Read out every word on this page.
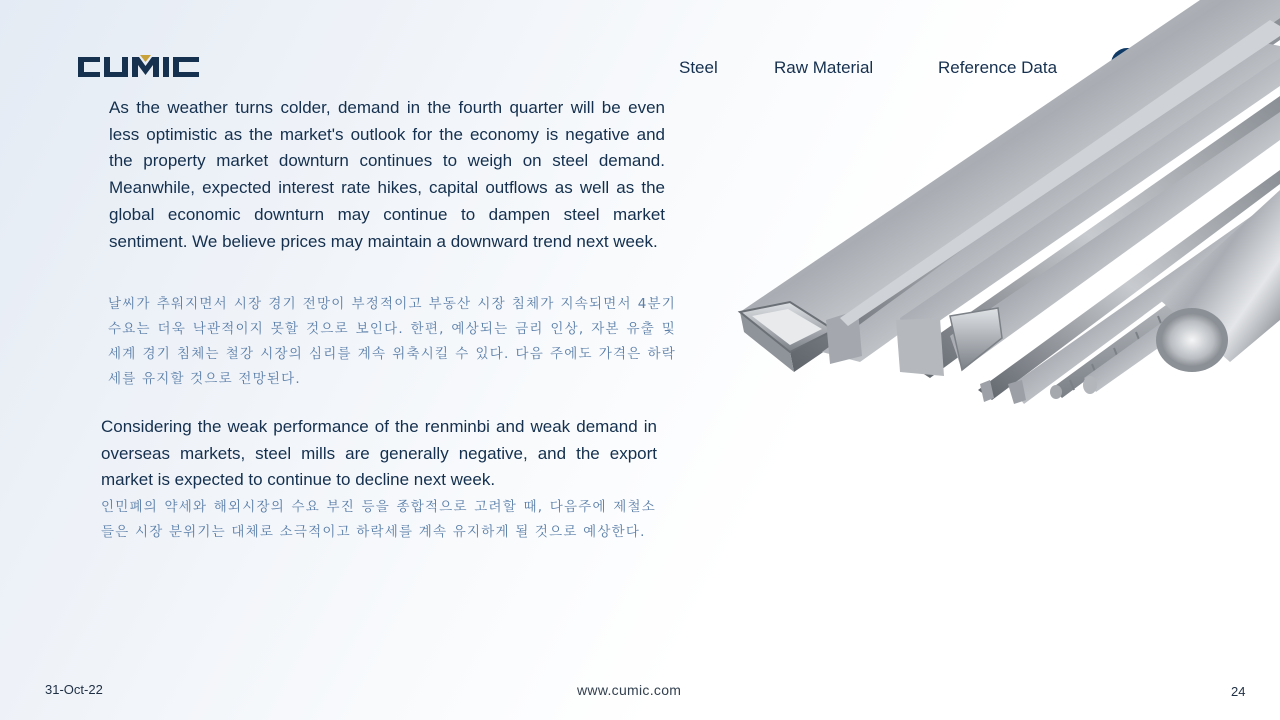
Steel	Raw Material	Reference Data

As the weather turns colder, demand in the fourth quarter will be even less optimistic as the market's outlook for the economy is negative and the property market downturn continues to weigh on steel demand. Meanwhile, expected interest rate hikes, capital outflows as well as the global economic downturn may continue to dampen steel market sentiment. We believe prices may maintain a downward trend next week.

날씨가 추워지면서 시장 경기 전망이 부정적이고 부동산 시장 침체가 지속되면서 4분기 수요는 더욱 낙관적이지 못할 것으로 보인다. 한편, 예상되는 금리 인상, 자본 유출 및 세계 경기 침체는 철강 시장의 심리를 계속 위축시킬 수 있다. 다음 주에도 가격은 하락세를 유지할 것으로 전망된다.

Considering the weak performance of the renminbi and weak demand in overseas markets, steel mills are generally negative, and the export market is expected to continue to decline next week.

인민폐의 약세와 해외시장의 수요 부진 등을 종합적으로 고려할 때, 다음주에 제철소들은 시장 분위기는 대체로 소극적이고 하락세를 계속 유지하게 될 것으로 예상한다.

31-Oct-22	www.cumic.com	24
